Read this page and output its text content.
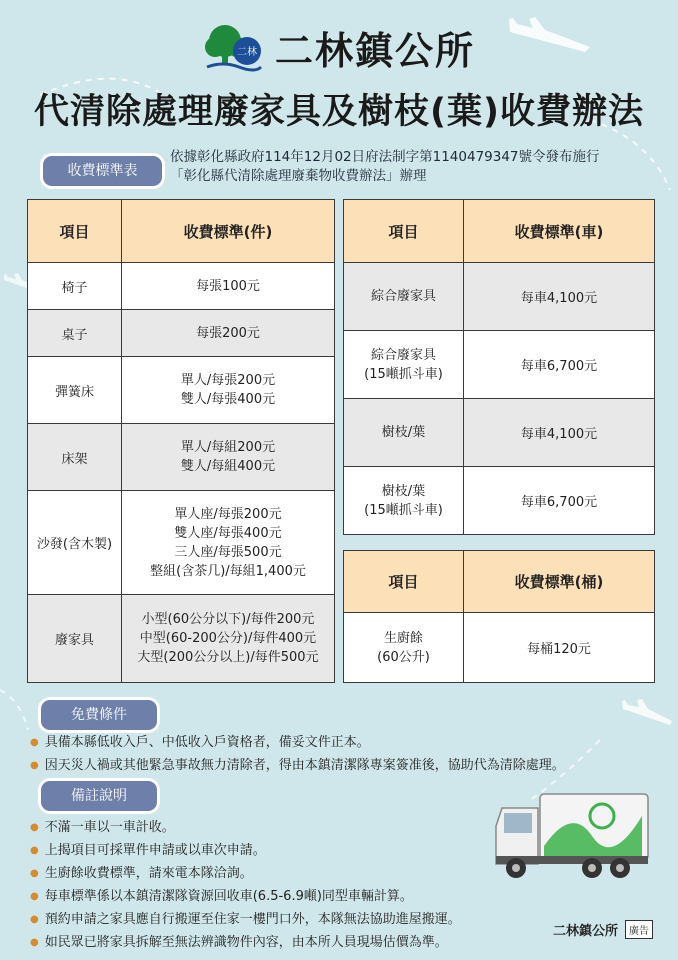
二林 二林鎮公所
代清除處理廢家具及樹枝(葉)收費辦法
收費標準表
依據彰化縣政府114年12月02日府法制字第1140479347號令發布施行
「彰化縣代清除處理廢棄物收費辦法」辦理
項目	收費標準(件)
椅子	每張100元

桌子	每張200元

彈簧床	單人/每張200元
雙人/每張400元

床架	單人/每組200元
雙人/每組400元

沙發(含木製)	單人座/每張200元
雙人座/每張400元
三人座/每張500元
整組(含茶几)/每組1,400元

廢家具	小型(60公分以下)/每件200元
中型(60-200公分)/每件400元
大型(200公分以上)/每件500元
項目	收費標準(車)

綜合廢家具	每車4,100元

綜合廢家具
(15噸抓斗車)	每車6,700元

樹枝/葉	每車4,100元

樹枝/葉
(15噸抓斗車)	每車6,700元
項目	收費標準(桶)

生廚餘
(60公升)	每桶120元
免費條件
● 具備本縣低收入戶、中低收入戶資格者，備妥文件正本。
● 因天災人禍或其他緊急事故無力清除者，得由本鎮清潔隊專案簽准後，協助代為清除處理。
備註說明
● 不滿一車以一車計收。
● 上揭項目可採單件申請或以車次申請。
● 生廚餘收費標準，請來電本隊洽詢。
● 每車標準係以本鎮清潔隊資源回收車(6.5-6.9噸)同型車輛計算。
● 預約申請之家具應自行搬運至住家一樓門口外，本隊無法協助進屋搬運。
● 如民眾已將家具拆解至無法辨識物件內容，由本所人員現場估價為準。
二林鎮公所	廣告
